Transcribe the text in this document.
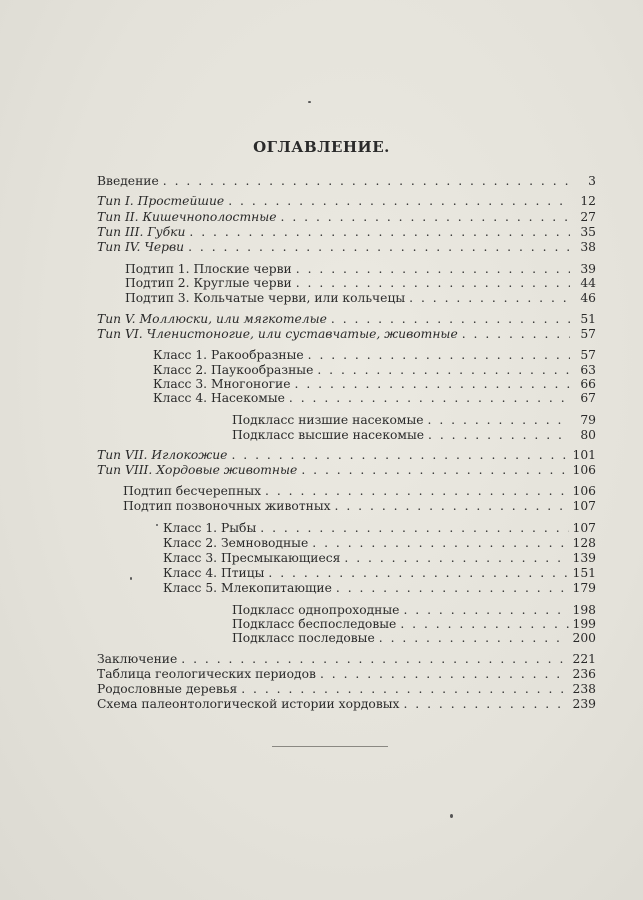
ОГЛАВЛЕНИЕ.
Введение . . .	3
Тип I. Простейшие . . .	12
Тип II. Кишечнополостные . . .	27
Тип III. Губки . . .	35
Тип IV. Черви . . .	38
Подтип 1. Плоские черви . . .	39
Подтип 2. Круглые черви . . .	44
Подтип 3. Кольчатые черви, или кольчецы . . .	46
Тип V. Моллюски, или мягкотелые . . .	51
Тип VI. Членистоногие, или суставчатые, животные . . .	57
Класс 1. Ракообразные . . .	57
Класс 2. Паукообразные . . .	63
Класс 3. Многоногие . . .	66
Класс 4. Насекомые . . .	67
Подкласс низшие насекомые . . .	79
Подкласс высшие насекомые . . .	80
Тип VII. Иглокожие . . .	101
Тип VIII. Хордовые животные . . .	106
Подтип бесчерепных . . .	106
Подтип позвоночных животных . . .	107
Класс 1. Рыбы . . .	107
Класс 2. Земноводные . . .	128
Класс 3. Пресмыкающиеся . . .	139
Класс 4. Птицы . . .	151
Класс 5. Млекопитающие . . .	179
Подкласс однопроходные . . .	198
Подкласс беспоследовые . . .	199
Подкласс последовые . . .	200
Заключение . . .	221
Таблица геологических периодов . . .	236
Родословные деревья . . .	238
Схема палеонтологической истории хордовых . . .	239
